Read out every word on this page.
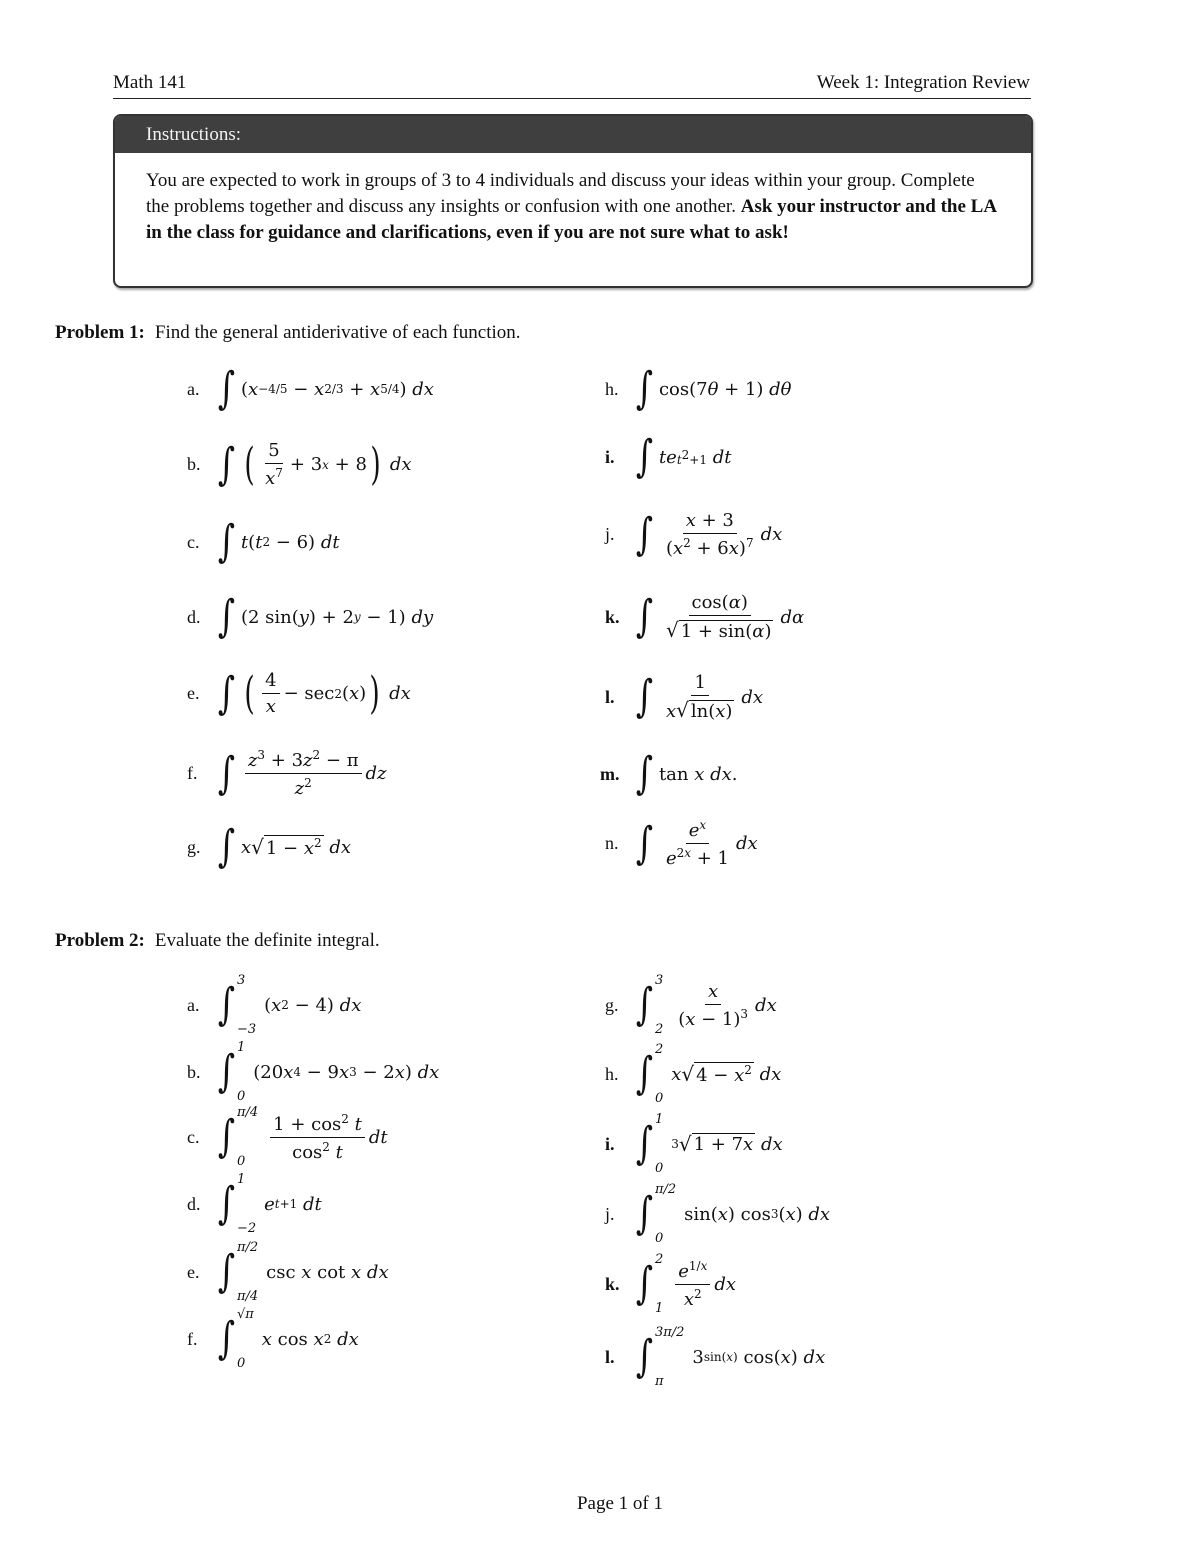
Math 141	Week 1: Integration Review
Instructions:
You are expected to work in groups of 3 to 4 individuals and discuss your ideas within your group. Complete the problems together and discuss any insights or confusion with one another. Ask your instructor and the LA in the class for guidance and clarifications, even if you are not sure what to ask!
Problem 1: Find the general antiderivative of each function.
a. ∫ ( x −4/5 − x 2/3 + x 5/4 ) dx
b. ∫ ( $\frac{5}{x^7} + 3$ x + 8 )
dx
c. ∫ t ( t 2 − 6) dt
d. ∫ (2 sin( y ) + 2 y − 1) dy
e. ∫ ( $\frac{4}{x} - \sec 2$ ( x ) )
dx
f. ∫ $\frac{z^3 + 3z^2 - \pi}{z^2}$ dz
g. ∫ x √ $1 - x^2$
dx
h. ∫ cos(7 θ + 1) dθ
i. ∫ te $t^2+1$
dt
j. ∫ $\frac{x + 3}{(x^2 + 6x)^7}$ dx
k. ∫ $\frac{\cos(\alpha)}{√ 1 + \sin(\alpha)}$ dα
l. ∫ $\frac{1}{x√ \ln(x)}$ dx
m. ∫ tan x
dx .
n. ∫ $\frac{e^x}{e^{2x} + 1}$ dx
Problem 2: Evaluate the definite integral.
a. ∫ 3
−3
( x 2 − 4) dx
b. ∫ 1
0
(20 x 4 − 9 x 3 − 2 x ) dx
c. ∫ π/4
0	$\frac{1 + \cos^2 t}{\cos^2 t}$ dt
d. ∫ 1
−2
e t+1
dt
e. ∫ π/2
π/4
csc x cot x
dx
f. ∫ √π
0
x cos x 2
dx
g. ∫ 3
$2 \frac{x}{(x - 1)^3}$ dx
h. ∫ 2
0
x √ $4 - x^2$
dx
i. ∫ 1
0
3 √ 1 + 7x
dx
j. ∫ π/2
0
sin( x ) cos 3 ( x ) dx
k. ∫ 2
$1 \frac{e^{1/x}}{x^2}$ dx
l. ∫ 3π/2
π
3 sin(x) cos( x ) dx
Page 1 of 1
